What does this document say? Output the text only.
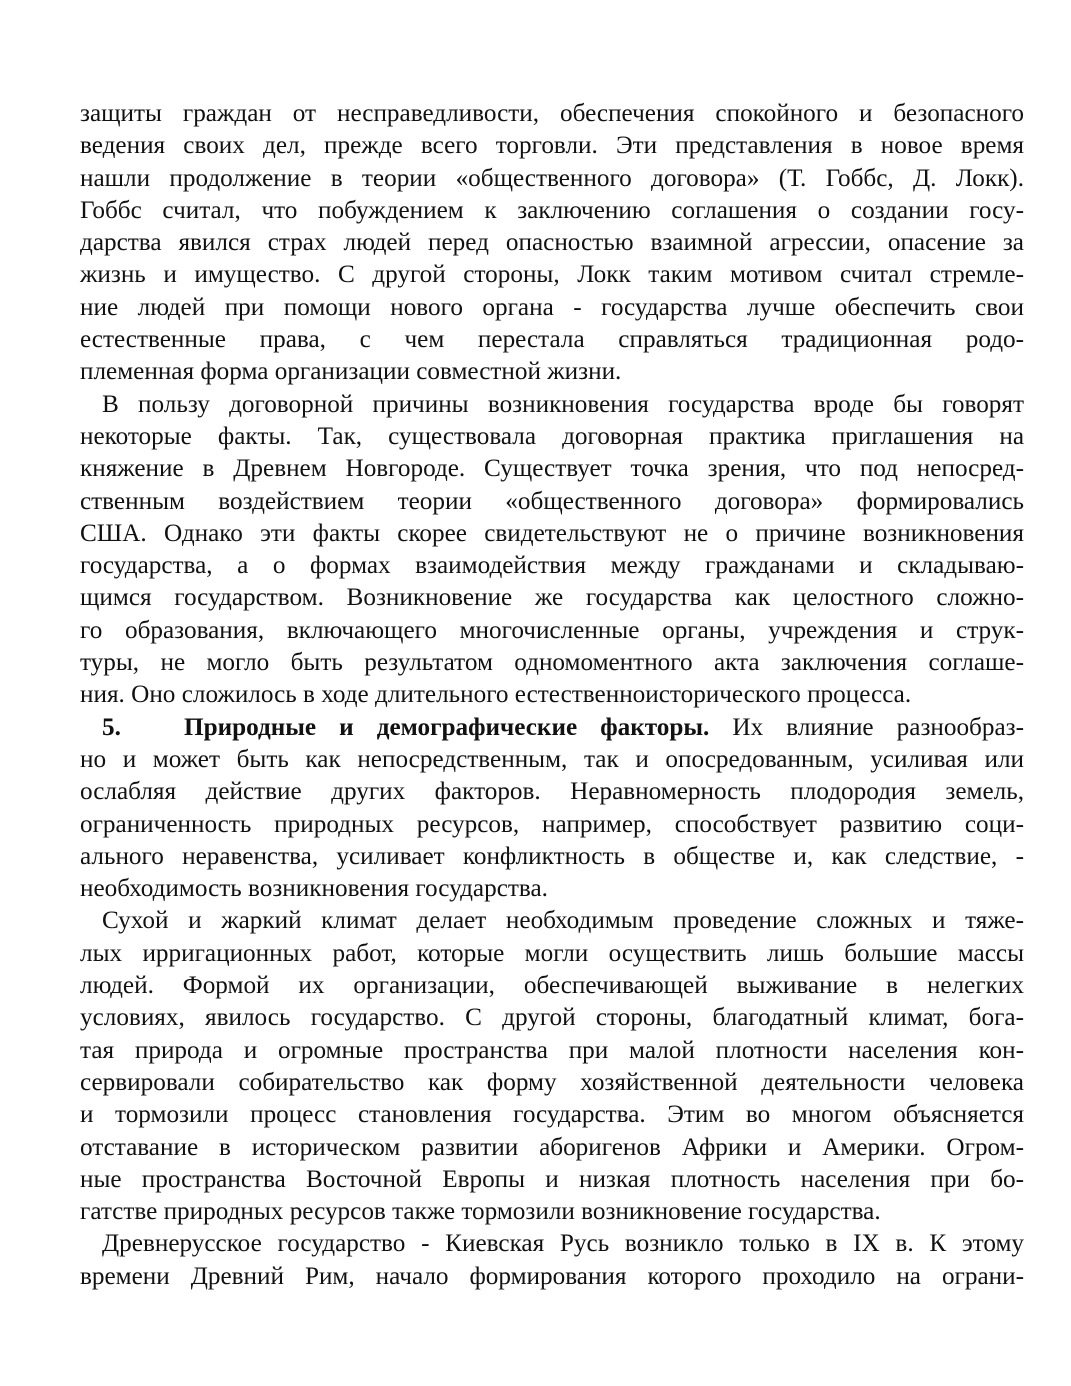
защиты граждан от несправедливости, обеспечения спокойного и безопасного
ведения своих дел, прежде всего торговли. Эти представления в новое время
нашли продолжение в теории «общественного договора» (Т. Гоббс, Д. Локк).
Гоббс считал, что побуждением к заключению соглашения о создании госу-
дарства явился страх людей перед опасностью взаимной агрессии, опасение за
жизнь и имущество. С другой стороны, Локк таким мотивом считал стремле-
ние людей при помощи нового органа - государства лучше обеспечить свои
естественные права, с чем перестала справляться традиционная родо-
племенная форма организации совместной жизни.
В пользу договорной причины возникновения государства вроде бы говорят
некоторые факты. Так, существовала договорная практика приглашения на
княжение в Древнем Новгороде. Существует точка зрения, что под непосред-
ственным воздействием теории «общественного договора» формировались
США. Однако эти факты скорее свидетельствуют не о причине возникновения
государства, а о формах взаимодействия между гражданами и складываю-
щимся государством. Возникновение же государства как целостного сложно-
го образования, включающего многочисленные органы, учреждения и струк-
туры, не могло быть результатом одномоментного акта заключения соглаше-
ния. Оно сложилось в ходе длительного естественноисторического процесса.
5.	Природные и демографические факторы. Их влияние разнообраз-
но и может быть как непосредственным, так и опосредованным, усиливая или
ослабляя действие других факторов. Неравномерность плодородия земель,
ограниченность природных ресурсов, например, способствует развитию соци-
ального неравенства, усиливает конфликтность в обществе и, как следствие, -
необходимость возникновения государства.
Сухой и жаркий климат делает необходимым проведение сложных и тяже-
лых ирригационных работ, которые могли осуществить лишь большие массы
людей. Формой их организации, обеспечивающей выживание в нелегких
условиях, явилось государство. С другой стороны, благодатный климат, бога-
тая природа и огромные пространства при малой плотности населения кон-
сервировали собирательство как форму хозяйственной деятельности человека
и тормозили процесс становления государства. Этим во многом объясняется
отставание в историческом развитии аборигенов Африки и Америки. Огром-
ные пространства Восточной Европы и низкая плотность населения при бо-
гатстве природных ресурсов также тормозили возникновение государства.
Древнерусское государство - Киевская Русь возникло только в IX в. К этому
времени Древний Рим, начало формирования которого проходило на ограни-
